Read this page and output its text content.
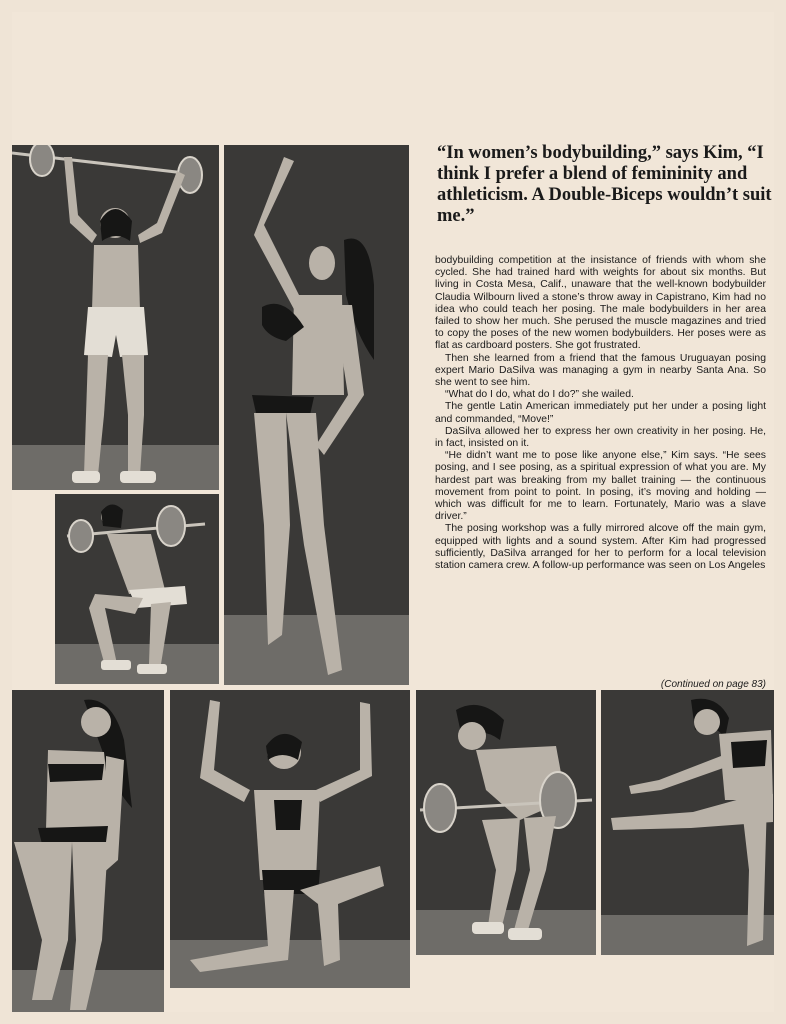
“In women’s bodybuilding,” says Kim, “I think I prefer a blend of femininity and athleticism. A Double-Biceps wouldn’t suit me.”

bodybuilding competition at the insistance of friends with whom she cycled. She had trained hard with weights for about six months. But living in Costa Mesa, Calif., unaware that the well-known bodybuilder Claudia Wilbourn lived a stone’s throw away in Capistrano, Kim had no idea who could teach her posing. The male bodybuilders in her area failed to show her much. She perused the muscle magazines and tried to copy the poses of the new women bodybuilders. Her poses were as flat as cardboard posters. She got frustrated.

Then she learned from a friend that the famous Uruguayan posing expert Mario DaSilva was managing a gym in nearby Santa Ana. So she went to see him.

“What do I do, what do I do?” she wailed.

The gentle Latin American immediately put her under a posing light and commanded, “Move!”

DaSilva allowed her to express her own creativity in her posing. He, in fact, insisted on it.

“He didn’t want me to pose like anyone else,” Kim says. “He sees posing, and I see posing, as a spiritual expression of what you are. My hardest part was breaking from my ballet training — the continuous movement from point to point. In posing, it’s moving and holding — which was difficult for me to learn. Fortunately, Mario was a slave driver.”

The posing workshop was a fully mirrored alcove off the main gym, equipped with lights and a sound system. After Kim had progressed sufficiently, DaSilva arranged for her to perform for a local television station camera crew. A follow-up performance was seen on Los Angeles

(Continued on page 83)
